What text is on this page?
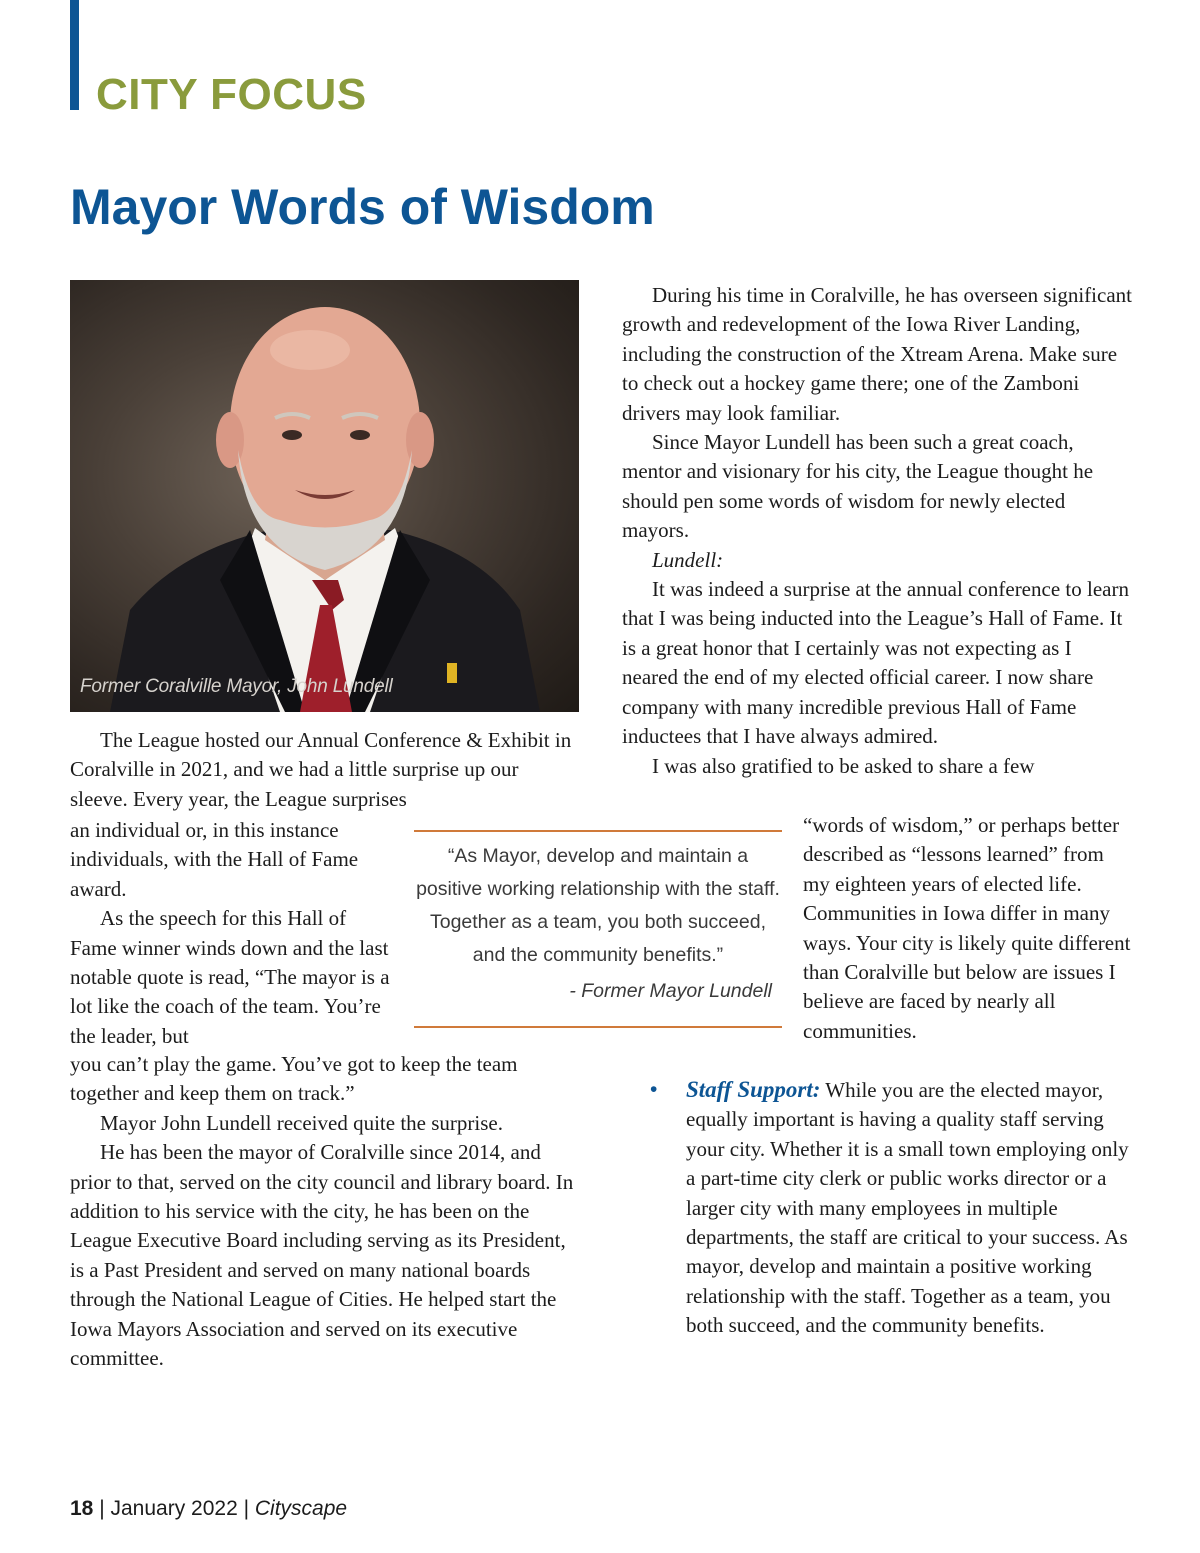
CITY FOCUS
Mayor Words of Wisdom
Former Coralville Mayor, John Lundell

The League hosted our Annual Conference & Exhibit in Coralville in 2021, and we had a little surprise up our sleeve. Every year, the League surprises

an individual or, in this instance individuals, with the Hall of Fame award.

As the speech for this Hall of Fame winner winds down and the last notable quote is read, “The mayor is a lot like the coach of the team. You’re the leader, but

you can’t play the game. You’ve got to keep the team together and keep them on track.”

Mayor John Lundell received quite the surprise.

He has been the mayor of Coralville since 2014, and prior to that, served on the city council and library board. In addition to his service with the city, he has been on the League Executive Board including serving as its President, is a Past President and served on many national boards through the National League of Cities. He helped start the Iowa Mayors Association and served on its executive committee.

During his time in Coralville, he has overseen significant growth and redevelopment of the Iowa River Landing, including the construction of the Xtream Arena. Make sure to check out a hockey game there; one of the Zamboni drivers may look familiar.

Since Mayor Lundell has been such a great coach, mentor and visionary for his city, the League thought he should pen some words of wisdom for newly elected mayors.

Lundell:

It was indeed a surprise at the annual conference to learn that I was being inducted into the League’s Hall of Fame. It is a great honor that I certainly was not expecting as I neared the end of my elected official career. I now share company with many incredible previous Hall of Fame inductees that I have always admired.

I was also gratified to be asked to share a few

“words of wisdom,” or perhaps better described as “lessons learned” from my eighteen years of elected life. Communities in Iowa differ in many ways. Your city is likely quite different than Coralville but below are issues I believe are faced by nearly all communities.

“As Mayor, develop and maintain a positive working relationship with the staff. Together as a team, you both succeed, and the community benefits.”

- Former Mayor Lundell

• Staff Support: While you are the elected mayor, equally important is having a quality staff serving your city. Whether it is a small town employing only a part-time city clerk or public works director or a larger city with many employees in multiple departments, the staff are critical to your success. As mayor, develop and maintain a positive working relationship with the staff. Together as a team, you both succeed, and the community benefits.

18 | January 2022 | Cityscape
